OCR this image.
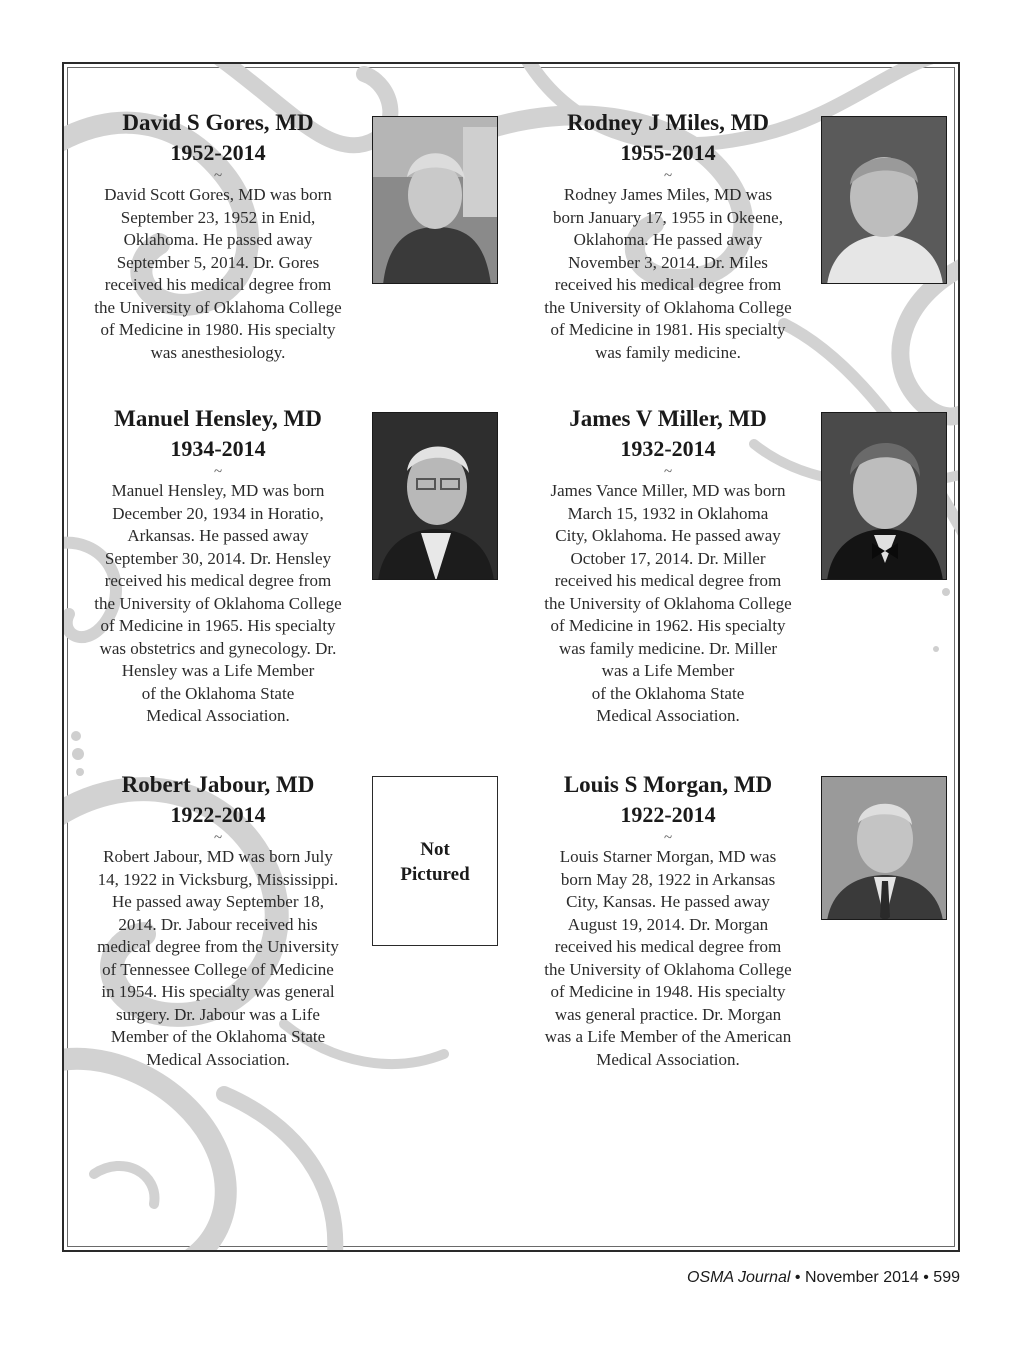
David S Gores, MD

1952-2014

~

David Scott Gores, MD was born
September 23, 1952 in Enid,
Oklahoma. He passed away
September 5, 2014. Dr. Gores
received his medical degree from
the University of Oklahoma College
of Medicine in 1980. His specialty
was anesthesiology.

Rodney J Miles, MD

1955-2014

~

Rodney James Miles, MD was
born January 17, 1955 in Okeene,
Oklahoma. He passed away
November 3, 2014. Dr. Miles
received his medical degree from
the University of Oklahoma College
of Medicine in 1981. His specialty
was family medicine.

Manuel Hensley, MD

1934-2014

~

Manuel Hensley, MD was born
December 20, 1934 in Horatio,
Arkansas. He passed away
September 30, 2014. Dr. Hensley
received his medical degree from
the University of Oklahoma College
of Medicine in 1965. His specialty
was obstetrics and gynecology. Dr.
Hensley was a Life Member
of the Oklahoma State
Medical Association.

James V Miller, MD

1932-2014

~

James Vance Miller, MD was born
March 15, 1932 in Oklahoma
City, Oklahoma. He passed away
October 17, 2014. Dr. Miller
received his medical degree from
the University of Oklahoma College
of Medicine in 1962. His specialty
was family medicine. Dr. Miller
was a Life Member
of the Oklahoma State
Medical Association.

Robert Jabour, MD

1922-2014

~

Robert Jabour, MD was born July
14, 1922 in Vicksburg, Mississippi.
He passed away September 18,
2014. Dr. Jabour received his
medical degree from the University
of Tennessee College of Medicine
in 1954. His specialty was general
surgery. Dr. Jabour was a Life
Member of the Oklahoma State
Medical Association.

Not
Pictured

Louis S Morgan, MD

1922-2014

~

Louis Starner Morgan, MD was
born May 28, 1922 in Arkansas
City, Kansas. He passed away
August 19, 2014. Dr. Morgan
received his medical degree from
the University of Oklahoma College
of Medicine in 1948. His specialty
was general practice. Dr. Morgan
was a Life Member of the American
Medical Association.

OSMA Journal • November 2014 • 599
